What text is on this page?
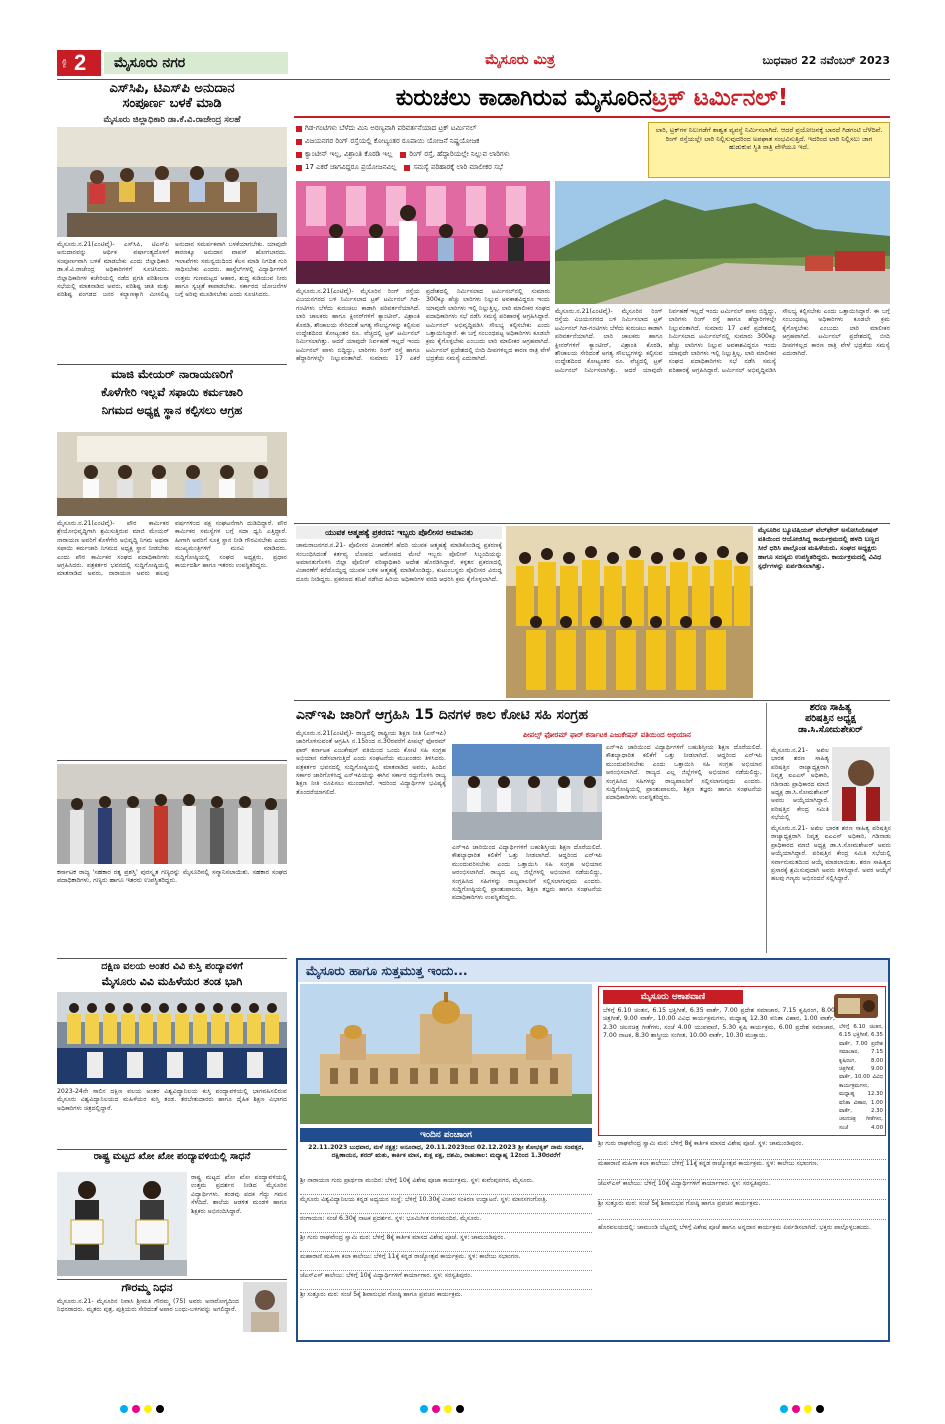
ಪುಟ 2	ಮೈಸೂರು ನಗರ	ಮೈಸೂರು ಮಿತ್ರ	ಬುಧವಾರ 22 ನವೆಂಬರ್ 2023
ಎಸ್‌ಸಿಪಿ, ಟಿಎಸ್‌ಪಿ ಅನುದಾನ
ಸಂಪೂರ್ಣ ಬಳಕೆ ಮಾಡಿ
ಮೈಸೂರು ಜಿಲ್ಲಾಧಿಕಾರಿ ಡಾ.ಕೆ.ವಿ.ರಾಜೇಂದ್ರ ಸಲಹೆ
ಮೈಸೂರು.ನ.21(ಎಂಟಿವೈ)- ಎಸ್‌ಸಿಪಿ, ಟಿಎಸ್‌ಪಿ ಅನುದಾನವನ್ನು ಆರ್ಥಿಕ ವರ್ಷಾಂತ್ಯದೊಳಗೆ ಸಂಪೂರ್ಣವಾಗಿ ಬಳಕೆ ಮಾಡಬೇಕು ಎಂದು ಜಿಲ್ಲಾಧಿಕಾರಿ ಡಾ.ಕೆ.ವಿ.ರಾಜೇಂದ್ರ ಅಧಿಕಾರಿಗಳಿಗೆ ಸೂಚಿಸಿದರು. ಜಿಲ್ಲಾಧಿಕಾರಿಗಳ ಕಚೇರಿಯಲ್ಲಿ ನಡೆದ ಪ್ರಗತಿ ಪರಿಶೀಲನಾ ಸಭೆಯಲ್ಲಿ ಮಾತನಾಡಿದ ಅವರು, ಪರಿಶಿಷ್ಟ ಜಾತಿ ಮತ್ತು ಪರಿಶಿಷ್ಟ ಪಂಗಡದ ಜನರ ಕಲ್ಯಾಣಕ್ಕಾಗಿ ಮೀಸಲಿಟ್ಟ ಅನುದಾನ ಸಮರ್ಪಕವಾಗಿ ಬಳಕೆಯಾಗಬೇಕು. ಯಾವುದೇ ಕಾರಣಕ್ಕೂ ಅನುದಾನ ವಾಪಸ್ ಹೋಗಬಾರದು. ಇಲಾಖೆಗಳು ಸಮನ್ವಯದಿಂದ ಕೆಲಸ ಮಾಡಿ ನಿಗದಿತ ಗುರಿ ಸಾಧಿಸಬೇಕು ಎಂದರು. ಹಾಸ್ಟೆಲ್‌ಗಳಲ್ಲಿ ವಿದ್ಯಾರ್ಥಿಗಳಿಗೆ ಉತ್ತಮ ಗುಣಮಟ್ಟದ ಆಹಾರ, ಶುದ್ಧ ಕುಡಿಯುವ ನೀರು ಹಾಗೂ ಸ್ವಚ್ಛತೆ ಕಾಪಾಡಬೇಕು. ಸರ್ಕಾರದ ಯೋಜನೆಗಳ ಬಗ್ಗೆ ಅರಿವು ಮೂಡಿಸಬೇಕು ಎಂದು ಸೂಚಿಸಿದರು.
ಮಾಜಿ ಮೇಯರ್ ನಾರಾಯಣರಿಗೆ
ಕೊಳೆಗೇರಿ ಇಲ್ಲವೆ ಸಫಾಯಿ ಕರ್ಮಚಾರಿ
ನಿಗಮದ ಅಧ್ಯಕ್ಷ ಸ್ಥಾನ ಕಲ್ಪಿಸಲು ಆಗ್ರಹ
ಮೈಸೂರು.ನ.21(ಎಂಟಿವೈ)- ಪೌರ ಕಾರ್ಮಿಕರ ಶ್ರೇಯೋಭಿವೃದ್ಧಿಗಾಗಿ ಶ್ರಮಿಸುತ್ತಿರುವ ಮಾಜಿ ಮೇಯರ್ ನಾರಾಯಣ ಅವರಿಗೆ ಕೊಳೆಗೇರಿ ಅಭಿವೃದ್ಧಿ ನಿಗಮ ಅಥವಾ ಸಫಾಯಿ ಕರ್ಮಚಾರಿ ನಿಗಮದ ಅಧ್ಯಕ್ಷ ಸ್ಥಾನ ನೀಡಬೇಕು ಎಂದು ಪೌರ ಕಾರ್ಮಿಕರ ಸಂಘದ ಪದಾಧಿಕಾರಿಗಳು ಆಗ್ರಹಿಸಿದರು. ಪತ್ರಕರ್ತರ ಭವನದಲ್ಲಿ ಸುದ್ದಿಗೋಷ್ಠಿಯಲ್ಲಿ ಮಾತನಾಡಿದ ಅವರು, ನಾರಾಯಣ ಅವರು ಹಲವು ವರ್ಷಗಳಿಂದ ಪಕ್ಷ ಸಂಘಟನೆಗಾಗಿ ದುಡಿದಿದ್ದಾರೆ. ಪೌರ ಕಾರ್ಮಿಕರ ಸಮಸ್ಯೆಗಳ ಬಗ್ಗೆ ಸದಾ ಧ್ವನಿ ಎತ್ತಿದ್ದಾರೆ. ಹೀಗಾಗಿ ಅವರಿಗೆ ಸೂಕ್ತ ಸ್ಥಾನ ನೀಡಿ ಗೌರವಿಸಬೇಕು ಎಂದು ಮುಖ್ಯಮಂತ್ರಿಗಳಿಗೆ ಮನವಿ ಮಾಡಿದರು. ಸುದ್ದಿಗೋಷ್ಠಿಯಲ್ಲಿ ಸಂಘದ ಅಧ್ಯಕ್ಷರು, ಪ್ರಧಾನ ಕಾರ್ಯದರ್ಶಿ ಹಾಗೂ ಇತರರು ಉಪಸ್ಥಿತರಿದ್ದರು.
ಕರ್ನಾಟಕ ರಾಜ್ಯ 'ಸಹಕಾರ ರತ್ನ ಪ್ರಶಸ್ತಿ' ಪುರಸ್ಕೃತ ಗಣ್ಯರನ್ನು ಮೈಸೂರಿನಲ್ಲಿ ಸನ್ಮಾನಿಸಲಾಯಿತು. ಸಹಕಾರ ಸಂಘದ ಪದಾಧಿಕಾರಿಗಳು, ಗಣ್ಯರು ಹಾಗೂ ಇತರರು ಉಪಸ್ಥಿತರಿದ್ದರು.
ದಕ್ಷಿಣ ವಲಯ ಅಂತರ ವಿವಿ ಕುಸ್ತಿ ಪಂದ್ಯಾವಳಿಗೆ
ಮೈಸೂರು ವಿವಿ ಮಹಿಳೆಯರ ತಂಡ ಭಾಗಿ
2023-24ನೇ ಸಾಲಿನ ದಕ್ಷಿಣ ವಲಯ ಅಂತರ ವಿಶ್ವವಿದ್ಯಾನಿಲಯ ಕುಸ್ತಿ ಪಂದ್ಯಾವಳಿಯಲ್ಲಿ ಭಾಗವಹಿಸಲಿರುವ ಮೈಸೂರು ವಿಶ್ವವಿದ್ಯಾನಿಲಯದ ಮಹಿಳೆಯರ ಕುಸ್ತಿ ತಂಡ. ತರಬೇತುದಾರರು ಹಾಗೂ ದೈಹಿಕ ಶಿಕ್ಷಣ ವಿಭಾಗದ ಅಧಿಕಾರಿಗಳು ಚಿತ್ರದಲ್ಲಿದ್ದಾರೆ.
ರಾಷ್ಟ್ರ ಮಟ್ಟದ ಖೋ ಖೋ ಪಂದ್ಯಾವಳಿಯಲ್ಲಿ ಸಾಧನೆ
ರಾಷ್ಟ್ರ ಮಟ್ಟದ ಖೋ ಖೋ ಪಂದ್ಯಾವಳಿಯಲ್ಲಿ ಉತ್ತಮ ಪ್ರದರ್ಶನ ನೀಡಿದ ಮೈಸೂರಿನ ವಿದ್ಯಾರ್ಥಿಗಳು. ತಂಡವು ಪದಕ ಗೆದ್ದು ಗಮನ ಸೆಳೆದಿದೆ. ಶಾಲೆಯ ಆಡಳಿತ ಮಂಡಳಿ ಹಾಗೂ ಶಿಕ್ಷಕರು ಅಭಿನಂದಿಸಿದ್ದಾರೆ.
ಗೌರಮ್ಮ ನಿಧನ
ಮೈಸೂರು.ನ.21- ಮೈಸೂರಿನ ನಿವಾಸಿ ಶ್ರೀಮತಿ ಗೌರಮ್ಮ (75) ಅವರು ಅನಾರೋಗ್ಯದಿಂದ ನಿಧನರಾದರು. ಮೃತರು ಪುತ್ರ, ಪುತ್ರಿಯರು ಸೇರಿದಂತೆ ಅಪಾರ ಬಂಧು-ಬಳಗವನ್ನು ಅಗಲಿದ್ದಾರೆ.
ಕುರುಚಲು ಕಾಡಾಗಿರುವ ಮೈಸೂರಿನ ಟ್ರಕ್ ಟರ್ಮಿನಲ್!
ಗಿಡ-ಗಂಟಿಗಳು ಬೆಳೆದು ಮಿನಿ ಅರಣ್ಯವಾಗಿ ಪರಿವರ್ತನೆಯಾದ ಟ್ರಕ್ ಟರ್ಮಿನಲ್
ವಿಜಯನಗರ ರಿಂಗ್ ರಸ್ತೆಯಲ್ಲಿ ಕೋಟ್ಯಂತರ ರೂಪಾಯಿ ಯೋಜನೆ ನಿಷ್ಪ್ರಯೋಜಕ
ಕ್ಯಾಂಟೀನ್ ಇಲ್ಲ, ವಿಶ್ರಾಂತಿ ಕೊಠಡಿ ಇಲ್ಲ ರಿಂಗ್ ರಸ್ತೆ, ಹೆದ್ದಾರಿಯಲ್ಲೇ ನಿಲ್ಲುವ ಲಾರಿಗಳು
17 ಎಕರೆ ಜಾಗವಿದ್ದರೂ ಪ್ರಯೋಜನವಿಲ್ಲ ಸಮಸ್ಯೆ ಪರಿಹಾರಕ್ಕೆ ಲಾರಿ ಮಾಲೀಕರ ಸಭೆ
ಲಾರಿ, ಟ್ರಕ್‌ಗಳ ನಿಲುಗಡೆಗೆ ಶಾಶ್ವತ ವ್ಯವಸ್ಥೆ ನಿರ್ಮಿಸಲಾಗಿದೆ. ಆದರೆ ಪ್ರಯೋಜನಕ್ಕೆ ಬಾರದೆ ಗಿಡಗಂಟಿ ಬೆಳೆದಿವೆ. ರಿಂಗ್ ರಸ್ತೆಯಲ್ಲೇ ಲಾರಿ ನಿಲ್ಲಿಸುವುದರಿಂದ ಅಪಘಾತ ಸಂಭವಿಸುತ್ತಿದೆ. ಇದರಿಂದ ಲಾರಿ ನಿಲ್ಲಿಸಲು ಜಾಗ ಹುಡುಕುವ ಸ್ಥಿತಿ ರಾತ್ರಿ ವೇಳೆಯೂ ಇದೆ.
ಮೈಸೂರು.ನ.21(ಎಂಟಿವೈ)- ಮೈಸೂರಿನ ರಿಂಗ್ ರಸ್ತೆಯ ವಿಜಯನಗರದ ಬಳಿ ನಿರ್ಮಿಸಲಾದ ಟ್ರಕ್ ಟರ್ಮಿನಲ್ ಗಿಡ-ಗಂಟಿಗಳು ಬೆಳೆದು ಕುರುಚಲು ಕಾಡಾಗಿ ಪರಿವರ್ತನೆಯಾಗಿದೆ. ಲಾರಿ ಚಾಲಕರು ಹಾಗೂ ಕ್ಲೀನರ್‌ಗಳಿಗೆ ಕ್ಯಾಂಟೀನ್, ವಿಶ್ರಾಂತಿ ಕೊಠಡಿ, ಶೌಚಾಲಯ ಸೇರಿದಂತೆ ಅಗತ್ಯ ಸೌಲಭ್ಯಗಳನ್ನು ಕಲ್ಪಿಸುವ ಉದ್ದೇಶದಿಂದ ಕೋಟ್ಯಂತರ ರೂ. ವೆಚ್ಚದಲ್ಲಿ ಟ್ರಕ್ ಟರ್ಮಿನಲ್ ನಿರ್ಮಿಸಲಾಗಿತ್ತು. ಆದರೆ ಯಾವುದೇ ನಿರ್ವಹಣೆ ಇಲ್ಲದೆ ಇಂದು ಟರ್ಮಿನಲ್ ಪಾಳು ಬಿದ್ದಿದ್ದು, ಲಾರಿಗಳು ರಿಂಗ್ ರಸ್ತೆ ಹಾಗೂ ಹೆದ್ದಾರಿಗಳಲ್ಲೇ ನಿಲ್ಲುವಂತಾಗಿದೆ. ಸುಮಾರು 17 ಎಕರೆ ಪ್ರದೇಶದಲ್ಲಿ ನಿರ್ಮಿಸಲಾದ ಟರ್ಮಿನಲ್‌ನಲ್ಲಿ ಸುಮಾರು 300ಕ್ಕೂ ಹೆಚ್ಚು ಲಾರಿಗಳು ನಿಲ್ಲುವ ಅವಕಾಶವಿದ್ದರೂ ಇಂದು ಯಾವುದೇ ಲಾರಿಗಳು ಇಲ್ಲಿ ನಿಲ್ಲುತ್ತಿಲ್ಲ. ಲಾರಿ ಮಾಲೀಕರ ಸಂಘದ ಪದಾಧಿಕಾರಿಗಳು ಸಭೆ ನಡೆಸಿ ಸಮಸ್ಯೆ ಪರಿಹಾರಕ್ಕೆ ಆಗ್ರಹಿಸಿದ್ದಾರೆ. ಟರ್ಮಿನಲ್ ಅಭಿವೃದ್ಧಿಪಡಿಸಿ ಸೌಲಭ್ಯ ಕಲ್ಪಿಸಬೇಕು ಎಂದು ಒತ್ತಾಯಿಸಿದ್ದಾರೆ. ಈ ಬಗ್ಗೆ ಸಂಬಂಧಪಟ್ಟ ಅಧಿಕಾರಿಗಳು ಕೂಡಲೇ ಕ್ರಮ ಕೈಗೊಳ್ಳಬೇಕು ಎಂಬುದು ಲಾರಿ ಮಾಲೀಕರ ಆಗ್ರಹವಾಗಿದೆ. ಟರ್ಮಿನಲ್ ಪ್ರದೇಶದಲ್ಲಿ ಬೀದಿ ದೀಪಗಳಿಲ್ಲದ ಕಾರಣ ರಾತ್ರಿ ವೇಳೆ ಭದ್ರತೆಯ ಸಮಸ್ಯೆ ಎದುರಾಗಿದೆ.
ಮೈಸೂರು.ನ.21(ಎಂಟಿವೈ)- ಮೈಸೂರಿನ ರಿಂಗ್ ರಸ್ತೆಯ ವಿಜಯನಗರದ ಬಳಿ ನಿರ್ಮಿಸಲಾದ ಟ್ರಕ್ ಟರ್ಮಿನಲ್ ಗಿಡ-ಗಂಟಿಗಳು ಬೆಳೆದು ಕುರುಚಲು ಕಾಡಾಗಿ ಪರಿವರ್ತನೆಯಾಗಿದೆ. ಲಾರಿ ಚಾಲಕರು ಹಾಗೂ ಕ್ಲೀನರ್‌ಗಳಿಗೆ ಕ್ಯಾಂಟೀನ್, ವಿಶ್ರಾಂತಿ ಕೊಠಡಿ, ಶೌಚಾಲಯ ಸೇರಿದಂತೆ ಅಗತ್ಯ ಸೌಲಭ್ಯಗಳನ್ನು ಕಲ್ಪಿಸುವ ಉದ್ದೇಶದಿಂದ ಕೋಟ್ಯಂತರ ರೂ. ವೆಚ್ಚದಲ್ಲಿ ಟ್ರಕ್ ಟರ್ಮಿನಲ್ ನಿರ್ಮಿಸಲಾಗಿತ್ತು. ಆದರೆ ಯಾವುದೇ ನಿರ್ವಹಣೆ ಇಲ್ಲದೆ ಇಂದು ಟರ್ಮಿನಲ್ ಪಾಳು ಬಿದ್ದಿದ್ದು, ಲಾರಿಗಳು ರಿಂಗ್ ರಸ್ತೆ ಹಾಗೂ ಹೆದ್ದಾರಿಗಳಲ್ಲೇ ನಿಲ್ಲುವಂತಾಗಿದೆ. ಸುಮಾರು 17 ಎಕರೆ ಪ್ರದೇಶದಲ್ಲಿ ನಿರ್ಮಿಸಲಾದ ಟರ್ಮಿನಲ್‌ನಲ್ಲಿ ಸುಮಾರು 300ಕ್ಕೂ ಹೆಚ್ಚು ಲಾರಿಗಳು ನಿಲ್ಲುವ ಅವಕಾಶವಿದ್ದರೂ ಇಂದು ಯಾವುದೇ ಲಾರಿಗಳು ಇಲ್ಲಿ ನಿಲ್ಲುತ್ತಿಲ್ಲ. ಲಾರಿ ಮಾಲೀಕರ ಸಂಘದ ಪದಾಧಿಕಾರಿಗಳು ಸಭೆ ನಡೆಸಿ ಸಮಸ್ಯೆ ಪರಿಹಾರಕ್ಕೆ ಆಗ್ರಹಿಸಿದ್ದಾರೆ. ಟರ್ಮಿನಲ್ ಅಭಿವೃದ್ಧಿಪಡಿಸಿ ಸೌಲಭ್ಯ ಕಲ್ಪಿಸಬೇಕು ಎಂದು ಒತ್ತಾಯಿಸಿದ್ದಾರೆ. ಈ ಬಗ್ಗೆ ಸಂಬಂಧಪಟ್ಟ ಅಧಿಕಾರಿಗಳು ಕೂಡಲೇ ಕ್ರಮ ಕೈಗೊಳ್ಳಬೇಕು ಎಂಬುದು ಲಾರಿ ಮಾಲೀಕರ ಆಗ್ರಹವಾಗಿದೆ. ಟರ್ಮಿನಲ್ ಪ್ರದೇಶದಲ್ಲಿ ಬೀದಿ ದೀಪಗಳಿಲ್ಲದ ಕಾರಣ ರಾತ್ರಿ ವೇಳೆ ಭದ್ರತೆಯ ಸಮಸ್ಯೆ ಎದುರಾಗಿದೆ.
ಯುವಕ ಆತ್ಮಹತ್ಯೆ ಪ್ರಕರಣ: ಇಬ್ಬರು ಪೊಲೀಸರ ಅಮಾನತು
ಚಾಮರಾಜನಗರ.ನ.21- ಪೊಲೀಸರ ವಿಚಾರಣೆಗೆ ಹೆದರಿ ಯುವಕ ಆತ್ಮಹತ್ಯೆ ಮಾಡಿಕೊಂಡಿದ್ದ ಪ್ರಕರಣಕ್ಕೆ ಸಂಬಂಧಿಸಿದಂತೆ ಕರ್ತವ್ಯ ಲೋಪದ ಆರೋಪದ ಮೇಲೆ ಇಬ್ಬರು ಪೊಲೀಸ್ ಸಿಬ್ಬಂದಿಯನ್ನು ಅಮಾನತುಗೊಳಿಸಿ ಜಿಲ್ಲಾ ಪೊಲೀಸ್ ವರಿಷ್ಠಾಧಿಕಾರಿ ಆದೇಶ ಹೊರಡಿಸಿದ್ದಾರೆ. ಕಳ್ಳತನ ಪ್ರಕರಣದಲ್ಲಿ ವಿಚಾರಣೆಗೆ ಕರೆದೊಯ್ದಿದ್ದ ಯುವಕ ಬಳಿಕ ಆತ್ಮಹತ್ಯೆ ಮಾಡಿಕೊಂಡಿದ್ದು, ಕುಟುಂಬಸ್ಥರು ಪೊಲೀಸರ ವಿರುದ್ಧ ದೂರು ನೀಡಿದ್ದರು. ಪ್ರಕರಣದ ತನಿಖೆ ನಡೆಸಿದ ಹಿರಿಯ ಅಧಿಕಾರಿಗಳ ವರದಿ ಆಧರಿಸಿ ಕ್ರಮ ಕೈಗೊಳ್ಳಲಾಗಿದೆ.
ಮೈಸೂರಿನ ಬ್ಯೂಟಿಷಿಯನ್ ವೆಲ್‌ಫೇರ್ ಅಸೋಸಿಯೇಷನ್ ವತಿಯಿಂದ ಆಯೋಜಿಸಿದ್ದ ಕಾರ್ಯಕ್ರಮದಲ್ಲಿ ಹಳದಿ ಬಣ್ಣದ ಸೀರೆ ಧರಿಸಿ ಪಾಲ್ಗೊಂಡ ಮಹಿಳೆಯರು. ಸಂಘದ ಅಧ್ಯಕ್ಷರು ಹಾಗೂ ಸದಸ್ಯರು ಉಪಸ್ಥಿತರಿದ್ದರು. ಕಾರ್ಯಕ್ರಮದಲ್ಲಿ ವಿವಿಧ ಸ್ಪರ್ಧೆಗಳನ್ನು ಏರ್ಪಡಿಸಲಾಗಿತ್ತು.
ಎನ್‌ಇಪಿ ಜಾರಿಗೆ ಆಗ್ರಹಿಸಿ 15 ದಿನಗಳ ಕಾಲ ಕೋಟಿ ಸಹಿ ಸಂಗ್ರಹ
ಮೈಸೂರು.ನ.21(ಎಂಟಿವೈ)- ರಾಜ್ಯದಲ್ಲಿ ರಾಷ್ಟ್ರೀಯ ಶಿಕ್ಷಣ ನೀತಿ (ಎನ್‌ಇಪಿ) ಜಾರಿಗೊಳಿಸುವಂತೆ ಆಗ್ರಹಿಸಿ ನ.15ರಿಂದ ನ.30ರವರೆಗೆ ಪೀಪಲ್ಸ್ ಫೋರಮ್ ಫಾರ್ ಕರ್ನಾಟಕ ಎಜುಕೇಷನ್ ವತಿಯಿಂದ ಒಂದು ಕೋಟಿ ಸಹಿ ಸಂಗ್ರಹ ಅಭಿಯಾನ ನಡೆಸಲಾಗುತ್ತಿದೆ ಎಂದು ಸಂಘಟನೆಯ ಮುಖಂಡರು ತಿಳಿಸಿದರು. ಪತ್ರಕರ್ತರ ಭವನದಲ್ಲಿ ಸುದ್ದಿಗೋಷ್ಠಿಯಲ್ಲಿ ಮಾತನಾಡಿದ ಅವರು, ಹಿಂದಿನ ಸರ್ಕಾರ ಜಾರಿಗೊಳಿಸಿದ್ದ ಎನ್‌ಇಪಿಯನ್ನು ಈಗಿನ ಸರ್ಕಾರ ರದ್ದುಗೊಳಿಸಿ ರಾಜ್ಯ ಶಿಕ್ಷಣ ನೀತಿ ರೂಪಿಸಲು ಮುಂದಾಗಿದೆ. ಇದರಿಂದ ವಿದ್ಯಾರ್ಥಿಗಳ ಭವಿಷ್ಯಕ್ಕೆ ತೊಂದರೆಯಾಗಲಿದೆ.
ಪೀಪಲ್ಸ್ ಫೋರಮ್ ಫಾರ್ ಕರ್ನಾಟಕ ಎಜುಕೇಷನ್ ವತಿಯಿಂದ ಅಭಿಯಾನ
ಎನ್‌ಇಪಿ ಜಾರಿಯಿಂದ ವಿದ್ಯಾರ್ಥಿಗಳಿಗೆ ಬಹುಶಿಸ್ತೀಯ ಶಿಕ್ಷಣ ದೊರೆಯಲಿದೆ. ಕೌಶಲ್ಯಾಧಾರಿತ ಕಲಿಕೆಗೆ ಒತ್ತು ನೀಡಲಾಗಿದೆ. ಆದ್ದರಿಂದ ಎನ್‌ಇಪಿ ಮುಂದುವರಿಸಬೇಕು ಎಂದು ಒತ್ತಾಯಿಸಿ ಸಹಿ ಸಂಗ್ರಹ ಅಭಿಯಾನ ಆರಂಭಿಸಲಾಗಿದೆ. ರಾಜ್ಯದ ಎಲ್ಲ ಜಿಲ್ಲೆಗಳಲ್ಲಿ ಅಭಿಯಾನ ನಡೆಯಲಿದ್ದು, ಸಂಗ್ರಹಿಸಿದ ಸಹಿಗಳನ್ನು ರಾಜ್ಯಪಾಲರಿಗೆ ಸಲ್ಲಿಸಲಾಗುವುದು ಎಂದರು. ಸುದ್ದಿಗೋಷ್ಠಿಯಲ್ಲಿ ಪ್ರಾಂಶುಪಾಲರು, ಶಿಕ್ಷಣ ತಜ್ಞರು ಹಾಗೂ ಸಂಘಟನೆಯ ಪದಾಧಿಕಾರಿಗಳು ಉಪಸ್ಥಿತರಿದ್ದರು.
ಎನ್‌ಇಪಿ ಜಾರಿಯಿಂದ ವಿದ್ಯಾರ್ಥಿಗಳಿಗೆ ಬಹುಶಿಸ್ತೀಯ ಶಿಕ್ಷಣ ದೊರೆಯಲಿದೆ. ಕೌಶಲ್ಯಾಧಾರಿತ ಕಲಿಕೆಗೆ ಒತ್ತು ನೀಡಲಾಗಿದೆ. ಆದ್ದರಿಂದ ಎನ್‌ಇಪಿ ಮುಂದುವರಿಸಬೇಕು ಎಂದು ಒತ್ತಾಯಿಸಿ ಸಹಿ ಸಂಗ್ರಹ ಅಭಿಯಾನ ಆರಂಭಿಸಲಾಗಿದೆ. ರಾಜ್ಯದ ಎಲ್ಲ ಜಿಲ್ಲೆಗಳಲ್ಲಿ ಅಭಿಯಾನ ನಡೆಯಲಿದ್ದು, ಸಂಗ್ರಹಿಸಿದ ಸಹಿಗಳನ್ನು ರಾಜ್ಯಪಾಲರಿಗೆ ಸಲ್ಲಿಸಲಾಗುವುದು ಎಂದರು. ಸುದ್ದಿಗೋಷ್ಠಿಯಲ್ಲಿ ಪ್ರಾಂಶುಪಾಲರು, ಶಿಕ್ಷಣ ತಜ್ಞರು ಹಾಗೂ ಸಂಘಟನೆಯ ಪದಾಧಿಕಾರಿಗಳು ಉಪಸ್ಥಿತರಿದ್ದರು.
ಶರಣ ಸಾಹಿತ್ಯ
ಪರಿಷತ್ತಿನ ಅಧ್ಯಕ್ಷ
ಡಾ.ಸಿ.ಸೋಮಶೇಖರ್
ಮೈಸೂರು.ನ.21- ಅಖಿಲ ಭಾರತ ಶರಣ ಸಾಹಿತ್ಯ ಪರಿಷತ್ತಿನ ರಾಜ್ಯಾಧ್ಯಕ್ಷರಾಗಿ ನಿವೃತ್ತ ಐಎಎಸ್ ಅಧಿಕಾರಿ, ಗಡಿನಾಡು ಪ್ರಾಧಿಕಾರದ ಮಾಜಿ ಅಧ್ಯಕ್ಷ ಡಾ.ಸಿ.ಸೋಮಶೇಖರ್ ಅವರು ಆಯ್ಕೆಯಾಗಿದ್ದಾರೆ. ಪರಿಷತ್ತಿನ ಕೇಂದ್ರ ಸಮಿತಿ ಸಭೆಯಲ್ಲಿ
ಮೈಸೂರು.ನ.21- ಅಖಿಲ ಭಾರತ ಶರಣ ಸಾಹಿತ್ಯ ಪರಿಷತ್ತಿನ ರಾಜ್ಯಾಧ್ಯಕ್ಷರಾಗಿ ನಿವೃತ್ತ ಐಎಎಸ್ ಅಧಿಕಾರಿ, ಗಡಿನಾಡು ಪ್ರಾಧಿಕಾರದ ಮಾಜಿ ಅಧ್ಯಕ್ಷ ಡಾ.ಸಿ.ಸೋಮಶೇಖರ್ ಅವರು ಆಯ್ಕೆಯಾಗಿದ್ದಾರೆ. ಪರಿಷತ್ತಿನ ಕೇಂದ್ರ ಸಮಿತಿ ಸಭೆಯಲ್ಲಿ ಸರ್ವಾನುಮತದಿಂದ ಆಯ್ಕೆ ಮಾಡಲಾಯಿತು. ಶರಣ ಸಾಹಿತ್ಯದ ಪ್ರಸಾರಕ್ಕೆ ಶ್ರಮಿಸುವುದಾಗಿ ಅವರು ತಿಳಿಸಿದ್ದಾರೆ. ಅವರ ಆಯ್ಕೆಗೆ ಹಲವು ಗಣ್ಯರು ಅಭಿನಂದನೆ ಸಲ್ಲಿಸಿದ್ದಾರೆ.
ಮೈಸೂರು ಹಾಗೂ ಸುತ್ತಮುತ್ತ ಇಂದು...
ಇಂದಿನ ಪಂಚಾಂಗ
22.11.2023 ಬುಧವಾರ, ಮಳೆ ನಕ್ಷತ್ರ: ಅನೂರಾಧ, 20.11.2023ರಿಂದ 02.12.2023 ಶ್ರೀ ಶೋಭಕೃತ್ ನಾಮ ಸಂವತ್ಸರ, ದಕ್ಷಿಣಾಯನ, ಶರದ್ ಋತು, ಕಾರ್ತಿಕ ಮಾಸ, ಶುಕ್ಲ ಪಕ್ಷ, ದಶಮಿ, ರಾಹುಕಾಲ: ಮಧ್ಯಾಹ್ನ 12ರಿಂದ 1.30ರವರೆಗೆ
ಮೈಸೂರು ಆಕಾಶವಾಣಿ
ಬೆಳಿಗ್ಗೆ 6.10 ಚಿಂತನ, 6.15 ಭಕ್ತಿಗೀತೆ, 6.35 ವಾರ್ತೆ, 7.00 ಪ್ರದೇಶ ಸಮಾಚಾರ, 7.15 ಕೃಷಿರಂಗ, 8.00 ಚಿತ್ರಗೀತೆ, 9.00 ವಾರ್ತೆ, 10.00 ವಿವಿಧ ಕಾರ್ಯಕ್ರಮಗಳು, ಮಧ್ಯಾಹ್ನ 12.30 ವನಿತಾ ವಿಹಾರ, 1.00 ವಾರ್ತೆ, 2.30 ಚಲನಚಿತ್ರ ಗೀತೆಗಳು, ಸಂಜೆ 4.00 ಯುವವಾಣಿ, 5.30 ಕೃಷಿ ಕಾರ್ಯಕ್ರಮ, 6.00 ಪ್ರದೇಶ ಸಮಾಚಾರ, 7.00 ನಾಟಕ, 8.30 ಶಾಸ್ತ್ರೀಯ ಸಂಗೀತ, 10.00 ವಾರ್ತೆ, 10.30 ಮುಕ್ತಾಯ.
ಬೆಳಿಗ್ಗೆ 6.10 ಚಿಂತನ, 6.15 ಭಕ್ತಿಗೀತೆ, 6.35 ವಾರ್ತೆ, 7.00 ಪ್ರದೇಶ ಸಮಾಚಾರ, 7.15 ಕೃಷಿರಂಗ, 8.00 ಚಿತ್ರಗೀತೆ, 9.00 ವಾರ್ತೆ, 10.00 ವಿವಿಧ ಕಾರ್ಯಕ್ರಮಗಳು, ಮಧ್ಯಾಹ್ನ 12.30 ವನಿತಾ ವಿಹಾರ, 1.00 ವಾರ್ತೆ, 2.30 ಚಲನಚಿತ್ರ ಗೀತೆಗಳು, ಸಂಜೆ 4.00
ಶ್ರೀ ನಾರಾಯಣ ಗುರು ಪ್ರಾರ್ಥನಾ ಮಂದಿರ: ಬೆಳಿಗ್ಗೆ 10ಕ್ಕೆ ವಿಶೇಷ ಪೂಜಾ ಕಾರ್ಯಕ್ರಮ. ಸ್ಥಳ: ಕುವೆಂಪುನಗರ, ಮೈಸೂರು.
ಮೈಸೂರು ವಿಶ್ವವಿದ್ಯಾನಿಲಯ ಕನ್ನಡ ಅಧ್ಯಯನ ಸಂಸ್ಥೆ: ಬೆಳಿಗ್ಗೆ 10.30ಕ್ಕೆ ವಿಚಾರ ಸಂಕಿರಣ ಉದ್ಘಾಟನೆ. ಸ್ಥಳ: ಮಾನಸಗಂಗೋತ್ರಿ.
ರಂಗಾಯಣ: ಸಂಜೆ 6.30ಕ್ಕೆ ನಾಟಕ ಪ್ರದರ್ಶನ. ಸ್ಥಳ: ಭೂಮಿಗೀತ ರಂಗಮಂದಿರ, ಮೈಸೂರು.
ಶ್ರೀ ಗುರು ರಾಘವೇಂದ್ರ ಸ್ವಾಮಿ ಮಠ: ಬೆಳಿಗ್ಗೆ 8ಕ್ಕೆ ಕಾರ್ತಿಕ ಮಾಸದ ವಿಶೇಷ ಪೂಜೆ. ಸ್ಥಳ: ಚಾಮುಂಡಿಪುರಂ.
ಮಹಾರಾಣಿ ಮಹಿಳಾ ಕಲಾ ಕಾಲೇಜು: ಬೆಳಿಗ್ಗೆ 11ಕ್ಕೆ ಕನ್ನಡ ರಾಜ್ಯೋತ್ಸವ ಕಾರ್ಯಕ್ರಮ. ಸ್ಥಳ: ಕಾಲೇಜು ಸಭಾಂಗಣ.
ಜೆಎಸ್‌ಎಸ್ ಕಾಲೇಜು: ಬೆಳಿಗ್ಗೆ 10ಕ್ಕೆ ವಿದ್ಯಾರ್ಥಿಗಳಿಗೆ ಕಾರ್ಯಾಗಾರ. ಸ್ಥಳ: ಸರಸ್ವತಿಪುರಂ.
ಶ್ರೀ ಸುತ್ತೂರು ಮಠ: ಸಂಜೆ 5ಕ್ಕೆ ಶಿವಾನುಭವ ಗೋಷ್ಠಿ ಹಾಗೂ ಪ್ರವಚನ ಕಾರ್ಯಕ್ರಮ.
ಶ್ರೀ ಗುರು ರಾಘವೇಂದ್ರ ಸ್ವಾಮಿ ಮಠ: ಬೆಳಿಗ್ಗೆ 8ಕ್ಕೆ ಕಾರ್ತಿಕ ಮಾಸದ ವಿಶೇಷ ಪೂಜೆ. ಸ್ಥಳ: ಚಾಮುಂಡಿಪುರಂ.
ಮಹಾರಾಣಿ ಮಹಿಳಾ ಕಲಾ ಕಾಲೇಜು: ಬೆಳಿಗ್ಗೆ 11ಕ್ಕೆ ಕನ್ನಡ ರಾಜ್ಯೋತ್ಸವ ಕಾರ್ಯಕ್ರಮ. ಸ್ಥಳ: ಕಾಲೇಜು ಸಭಾಂಗಣ.
ಜೆಎಸ್‌ಎಸ್ ಕಾಲೇಜು: ಬೆಳಿಗ್ಗೆ 10ಕ್ಕೆ ವಿದ್ಯಾರ್ಥಿಗಳಿಗೆ ಕಾರ್ಯಾಗಾರ. ಸ್ಥಳ: ಸರಸ್ವತಿಪುರಂ.
ಶ್ರೀ ಸುತ್ತೂರು ಮಠ: ಸಂಜೆ 5ಕ್ಕೆ ಶಿವಾನುಭವ ಗೋಷ್ಠಿ ಹಾಗೂ ಪ್ರವಚನ ಕಾರ್ಯಕ್ರಮ.
ಹೊರವಲಯದಲ್ಲಿ: ಚಾಮುಂಡಿ ಬೆಟ್ಟದಲ್ಲಿ ಬೆಳಿಗ್ಗೆ ವಿಶೇಷ ಪೂಜೆ ಹಾಗೂ ಅನ್ನದಾನ ಕಾರ್ಯಕ್ರಮ ಏರ್ಪಡಿಸಲಾಗಿದೆ. ಭಕ್ತರು ಪಾಲ್ಗೊಳ್ಳಬಹುದು.
